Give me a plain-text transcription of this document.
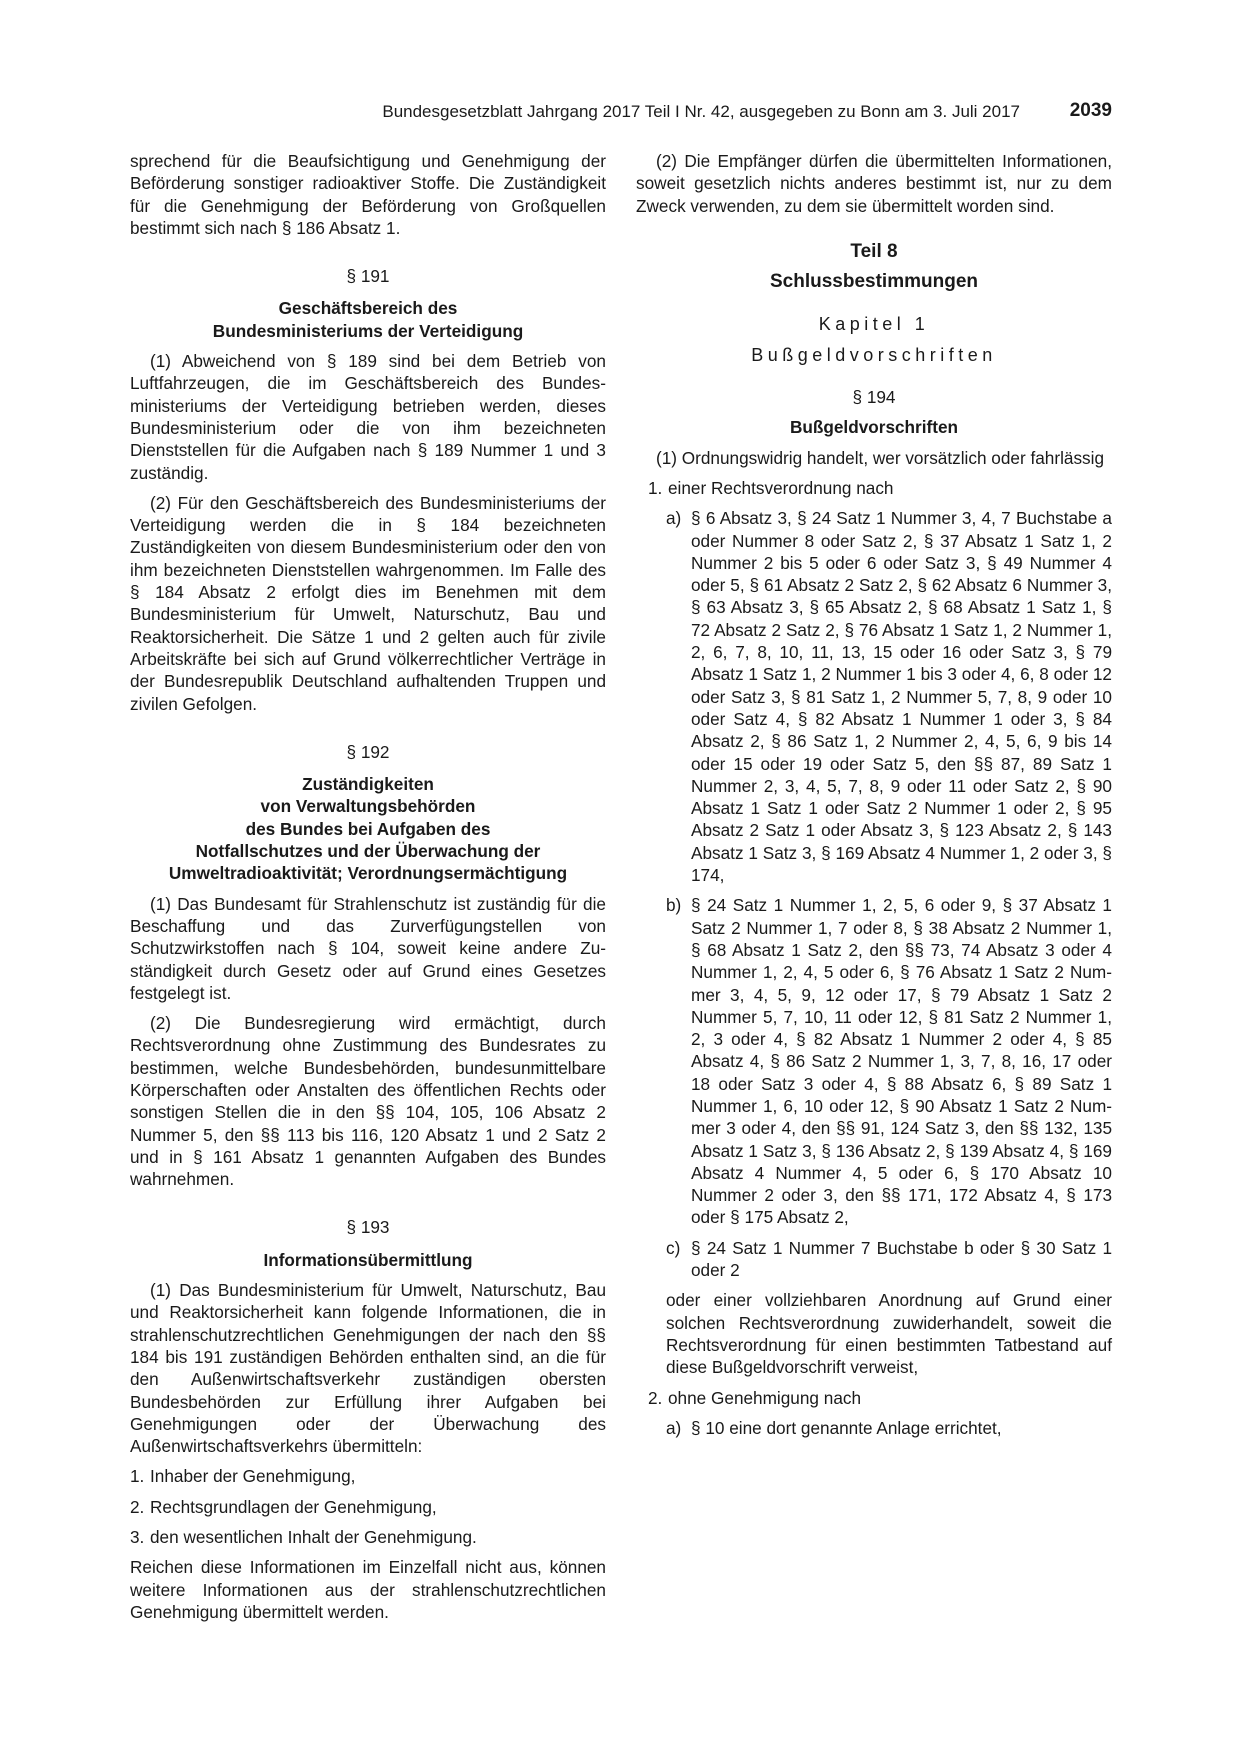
Bundesgesetzblatt Jahrgang 2017 Teil I Nr. 42, ausgegeben zu Bonn am 3. Juli 2017	2039

sprechend für die Beaufsichtigung und Genehmigung der Beförderung sonstiger radioaktiver Stoffe. Die Zuständigkeit für die Genehmigung der Beförderung von Großquellen bestimmt sich nach § 186 Absatz 1.

§ 191

Geschäftsbereich des

Bundesministeriums der Verteidigung

(1) Abweichend von § 189 sind bei dem Betrieb von Luftfahrzeugen, die im Geschäftsbereich des Bundesministeriums der Verteidigung betrieben werden, dieses Bundesministerium oder die von ihm bezeichneten Dienststellen für die Aufgaben nach § 189 Nummer 1 und 3 zuständig.

(2) Für den Geschäftsbereich des Bundesministeriums der Verteidigung werden die in § 184 bezeichneten Zuständigkeiten von diesem Bundesministerium oder den von ihm bezeichneten Dienststellen wahrgenommen. Im Falle des § 184 Absatz 2 erfolgt dies im Benehmen mit dem Bundesministerium für Umwelt, Naturschutz, Bau und Reaktorsicherheit. Die Sätze 1 und 2 gelten auch für zivile Arbeitskräfte bei sich auf Grund völkerrechtlicher Verträge in der Bundesrepublik Deutschland aufhaltenden Truppen und zivilen Gefolgen.

§ 192

Zuständigkeiten

von Verwaltungsbehörden

des Bundes bei Aufgaben des

Notfallschutzes und der Überwachung der

Umweltradioaktivität; Verordnungsermächtigung

(1) Das Bundesamt für Strahlenschutz ist zuständig für die Beschaffung und das Zurverfügungstellen von Schutzwirkstoffen nach § 104, soweit keine andere Zuständigkeit durch Gesetz oder auf Grund eines Gesetzes festgelegt ist.

(2) Die Bundesregierung wird ermächtigt, durch Rechtsverordnung ohne Zustimmung des Bundesrates zu bestimmen, welche Bundesbehörden, bundesunmittelbare Körperschaften oder Anstalten des öffentlichen Rechts oder sonstigen Stellen die in den §§ 104, 105, 106 Absatz 2 Nummer 5, den §§ 113 bis 116, 120 Absatz 1 und 2 Satz 2 und in § 161 Absatz 1 genannten Aufgaben des Bundes wahrnehmen.

§ 193

Informationsübermittlung

(1) Das Bundesministerium für Umwelt, Naturschutz, Bau und Reaktorsicherheit kann folgende Informationen, die in strahlenschutzrechtlichen Genehmigungen der nach den §§ 184 bis 191 zuständigen Behörden enthalten sind, an die für den Außenwirtschaftsverkehr zuständigen obersten Bundesbehörden zur Erfüllung ihrer Aufgaben bei Genehmigungen oder der Überwachung des Außenwirtschaftsverkehrs übermitteln:

1. Inhaber der Genehmigung,
2. Rechtsgrundlagen der Genehmigung,
3. den wesentlichen Inhalt der Genehmigung.

Reichen diese Informationen im Einzelfall nicht aus, können weitere Informationen aus der strahlenschutzrechtlichen Genehmigung übermittelt werden.

(2) Die Empfänger dürfen die übermittelten Informationen, soweit gesetzlich nichts anderes bestimmt ist, nur zu dem Zweck verwenden, zu dem sie übermittelt worden sind.

Teil 8

Schlussbestimmungen

Kapitel 1

Bußgeldvorschriften

§ 194

Bußgeldvorschriften

(1) Ordnungswidrig handelt, wer vorsätzlich oder fahrlässig

1. einer Rechtsverordnung nach
a) § 6 Absatz 3, § 24 Satz 1 Nummer 3, 4, 7 Buchstabe a oder Nummer 8 oder Satz 2, § 37 Absatz 1 Satz 1, 2 Nummer 2 bis 5 oder 6 oder Satz 3, § 49 Nummer 4 oder 5, § 61 Absatz 2 Satz 2, § 62 Absatz 6 Nummer 3, § 63 Absatz 3, § 65 Absatz 2, § 68 Absatz 1 Satz 1, § 72 Absatz 2 Satz 2, § 76 Absatz 1 Satz 1, 2 Nummer 1, 2, 6, 7, 8, 10, 11, 13, 15 oder 16 oder Satz 3, § 79 Absatz 1 Satz 1, 2 Nummer 1 bis 3 oder 4, 6, 8 oder 12 oder Satz 3, § 81 Satz 1, 2 Nummer 5, 7, 8, 9 oder 10 oder Satz 4, § 82 Absatz 1 Nummer 1 oder 3, § 84 Absatz 2, § 86 Satz 1, 2 Nummer 2, 4, 5, 6, 9 bis 14 oder 15 oder 19 oder Satz 5, den §§ 87, 89 Satz 1 Nummer 2, 3, 4, 5, 7, 8, 9 oder 11 oder Satz 2, § 90 Absatz 1 Satz 1 oder Satz 2 Nummer 1 oder 2, § 95 Absatz 2 Satz 1 oder Absatz 3, § 123 Absatz 2, § 143 Absatz 1 Satz 3, § 169 Absatz 4 Nummer 1, 2 oder 3, § 174,
b) § 24 Satz 1 Nummer 1, 2, 5, 6 oder 9, § 37 Absatz 1 Satz 2 Nummer 1, 7 oder 8, § 38 Absatz 2 Nummer 1, § 68 Absatz 1 Satz 2, den §§ 73, 74 Absatz 3 oder 4 Nummer 1, 2, 4, 5 oder 6, § 76 Absatz 1 Satz 2 Nummer 3, 4, 5, 9, 12 oder 17, § 79 Absatz 1 Satz 2 Nummer 5, 7, 10, 11 oder 12, § 81 Satz 2 Nummer 1, 2, 3 oder 4, § 82 Absatz 1 Nummer 2 oder 4, § 85 Absatz 4, § 86 Satz 2 Nummer 1, 3, 7, 8, 16, 17 oder 18 oder Satz 3 oder 4, § 88 Absatz 6, § 89 Satz 1 Nummer 1, 6, 10 oder 12, § 90 Absatz 1 Satz 2 Nummer 3 oder 4, den §§ 91, 124 Satz 3, den §§ 132, 135 Absatz 1 Satz 3, § 136 Absatz 2, § 139 Absatz 4, § 169 Absatz 4 Nummer 4, 5 oder 6, § 170 Absatz 10 Nummer 2 oder 3, den §§ 171, 172 Absatz 4, § 173 oder § 175 Absatz 2,
c) § 24 Satz 1 Nummer 7 Buchstabe b oder § 30 Satz 1 oder 2

oder einer vollziehbaren Anordnung auf Grund einer solchen Rechtsverordnung zuwiderhandelt, soweit die Rechtsverordnung für einen bestimmten Tatbestand auf diese Bußgeldvorschrift verweist,

2. ohne Genehmigung nach
a) § 10 eine dort genannte Anlage errichtet,
